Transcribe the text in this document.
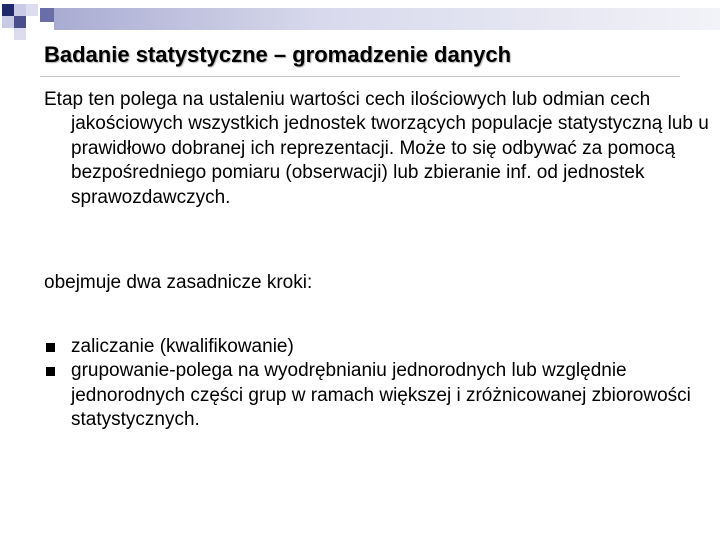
Badanie statystyczne – gromadzenie danych

Etap ten polega na ustaleniu wartości cech ilościowych lub odmian cech jakościowych wszystkich jednostek tworzących populacje statystyczną lub u prawidłowo dobranej ich reprezentacji. Może to się odbywać za pomocą bezpośredniego pomiaru (obserwacji) lub zbieranie inf. od jednostek sprawozdawczych.

obejmuje dwa zasadnicze kroki:

zaliczanie (kwalifikowanie)
grupowanie-polega na wyodrębnianiu jednorodnych lub względnie jednorodnych części grup w ramach większej i zróżnicowanej zbiorowości statystycznych.
